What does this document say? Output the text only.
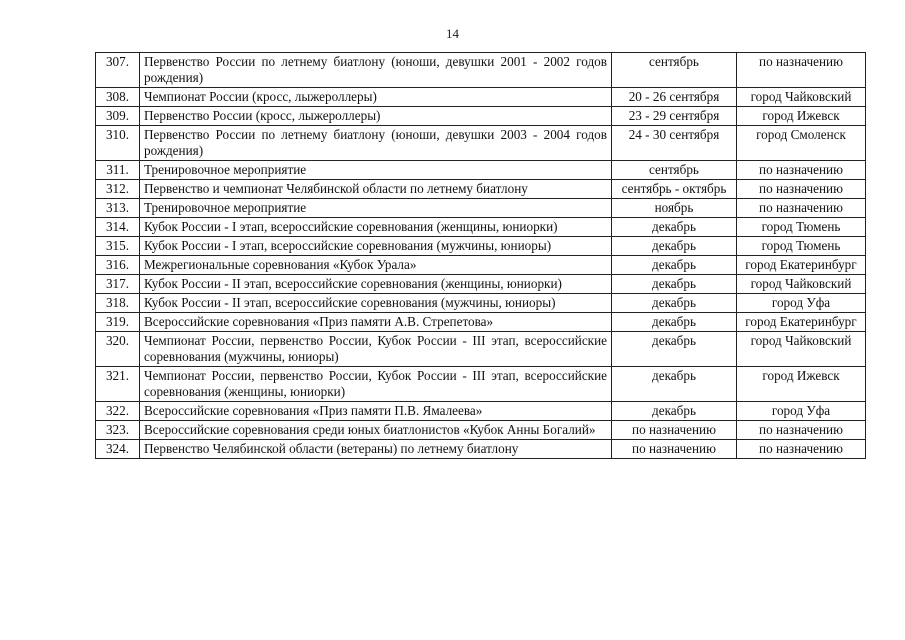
14
307.	Первенство России по летнему биатлону (юноши, девушки 2001 - 2002 годов рождения)	сентябрь	по назначению
308.	Чемпионат России (кросс, лыжероллеры)	20 - 26 сентября	город Чайковский
309.	Первенство России (кросс, лыжероллеры)	23 - 29 сентября	город Ижевск
310.	Первенство России по летнему биатлону (юноши, девушки 2003 - 2004 годов рождения)	24 - 30 сентября	город Смоленск
311.	Тренировочное мероприятие	сентябрь	по назначению
312.	Первенство и чемпионат Челябинской области по летнему биатлону	сентябрь - октябрь	по назначению
313.	Тренировочное мероприятие	ноябрь	по назначению
314.	Кубок России - I этап, всероссийские соревнования (женщины, юниорки)	декабрь	город Тюмень
315.	Кубок России - I этап, всероссийские соревнования (мужчины, юниоры)	декабрь	город Тюмень
316.	Межрегиональные соревнования «Кубок Урала»	декабрь	город Екатеринбург
317.	Кубок России - II этап, всероссийские соревнования (женщины, юниорки)	декабрь	город Чайковский
318.	Кубок России - II этап, всероссийские соревнования (мужчины, юниоры)	декабрь	город Уфа
319.	Всероссийские соревнования «Приз памяти А.В. Стрепетова»	декабрь	город Екатеринбург
320.	Чемпионат России, первенство России, Кубок России - III этап, всероссийские соревнования (мужчины, юниоры)	декабрь	город Чайковский
321.	Чемпионат России, первенство России, Кубок России - III этап, всероссийские соревнования (женщины, юниорки)	декабрь	город Ижевск
322.	Всероссийские соревнования «Приз памяти П.В. Ямалеева»	декабрь	город Уфа
323.	Всероссийские соревнования среди юных биатлонистов «Кубок Анны Богалий»	по назначению	по назначению
324.	Первенство Челябинской области (ветераны) по летнему биатлону	по назначению	по назначению
